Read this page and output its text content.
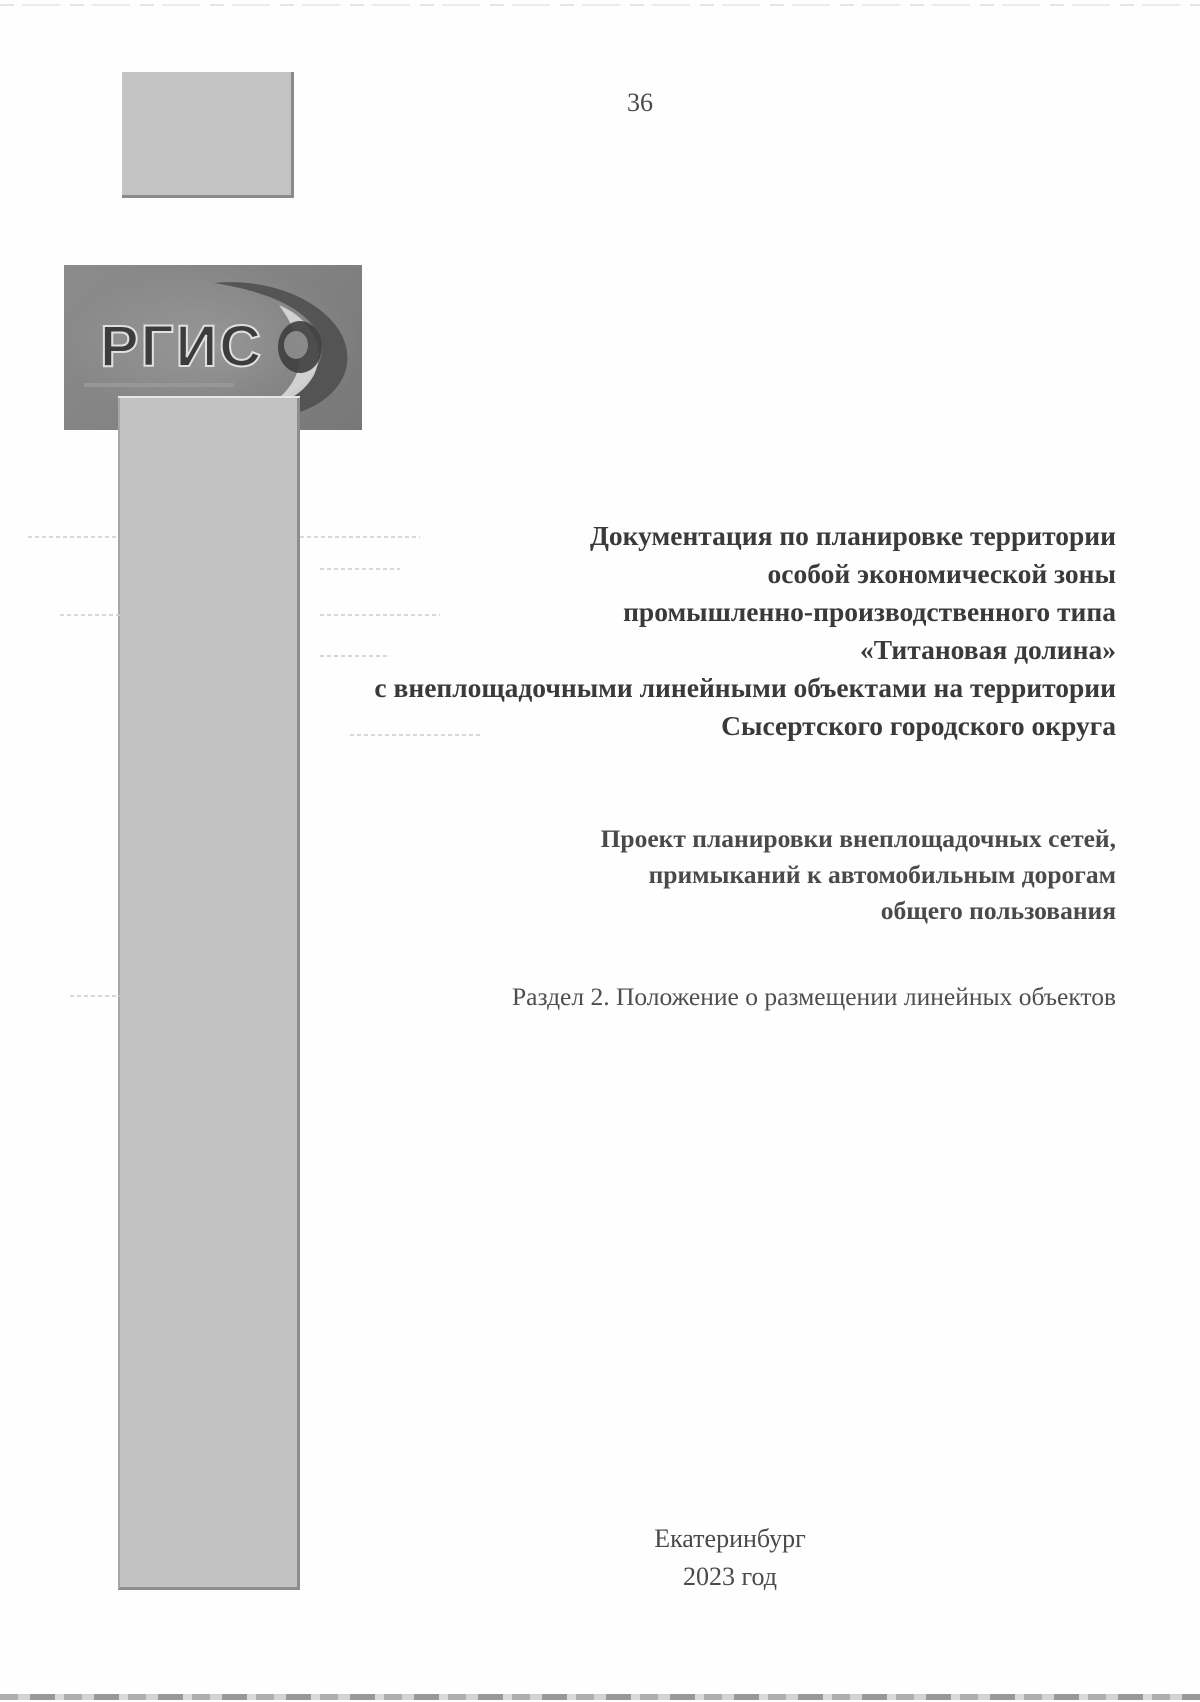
36
РГИС
Документация по планировке территории
особой экономической зоны
промышленно-производственного типа
«Титановая долина»
с внеплощадочными линейными объектами на территории
Сысертского городского округа
Проект планировки внеплощадочных сетей,
примыканий к автомобильным дорогам
общего пользования
Раздел 2. Положение о размещении линейных объектов
Екатеринбург
2023 год
